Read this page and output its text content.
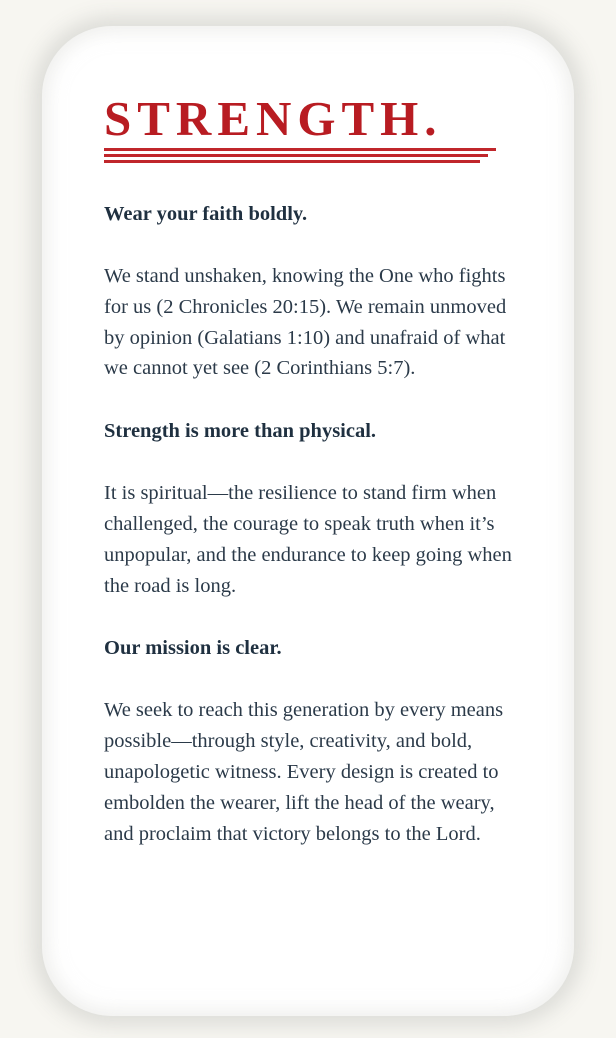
STRENGTH.

Wear your faith boldly.

We stand unshaken, knowing the One who fights for us (2 Chronicles 20:15). We remain unmoved by opinion (Galatians 1:10) and unafraid of what we cannot yet see (2 Corinthians 5:7).

Strength is more than physical.

It is spiritual—the resilience to stand firm when challenged, the courage to speak truth when it’s unpopular, and the endurance to keep going when the road is long.

Our mission is clear.

We seek to reach this generation by every means possible—through style, creativity, and bold, unapologetic witness. Every design is created to embolden the wearer, lift the head of the weary, and proclaim that victory belongs to the Lord.
